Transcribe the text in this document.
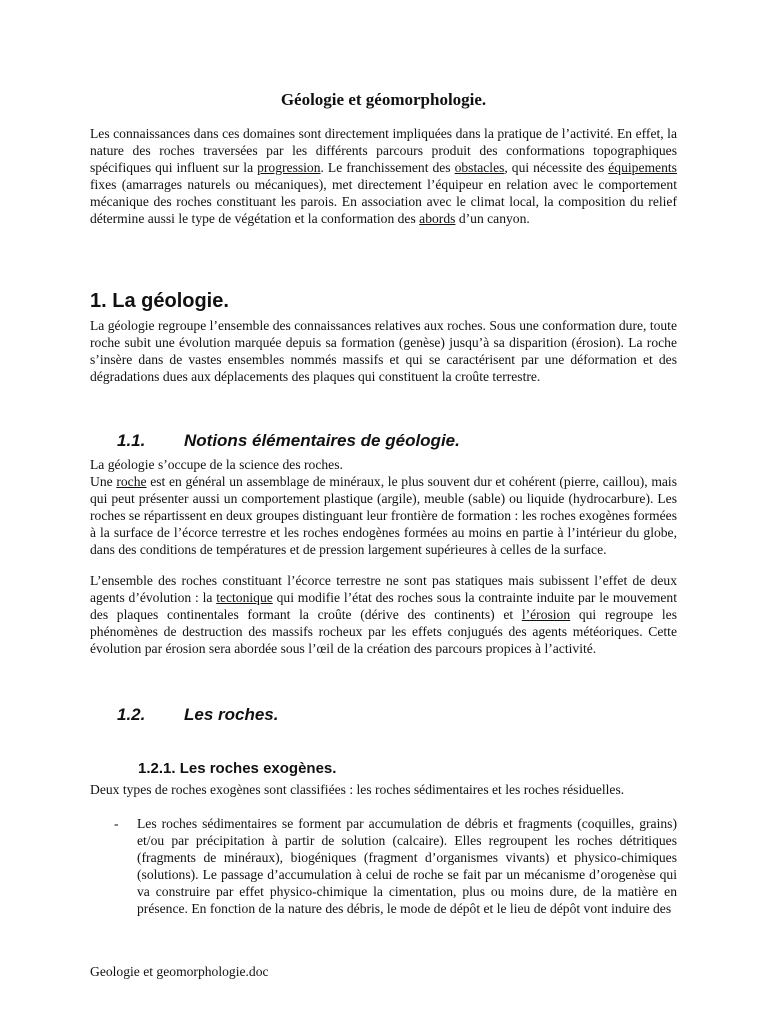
Géologie et géomorphologie.

Les connaissances dans ces domaines sont directement impliquées dans la pratique de l’activité. En effet, la nature des roches traversées par les différents parcours produit des conformations topographiques spécifiques qui influent sur la progression. Le franchissement des obstacles, qui nécessite des équipements fixes (amarrages naturels ou mécaniques), met directement l’équipeur en relation avec le comportement mécanique des roches constituant les parois. En association avec le climat local, la composition du relief détermine aussi le type de végétation et la conformation des abords d’un canyon.

1. La géologie.

La géologie regroupe l’ensemble des connaissances relatives aux roches. Sous une conformation dure, toute roche subit une évolution marquée depuis sa formation (genèse) jusqu’à sa disparition (érosion). La roche s’insère dans de vastes ensembles nommés massifs et qui se caractérisent par une déformation et des dégradations dues aux déplacements des plaques qui constituent la croûte terrestre.

1.1. Notions élémentaires de géologie.

La géologie s’occupe de la science des roches.

Une roche est en général un assemblage de minéraux, le plus souvent dur et cohérent (pierre, caillou), mais qui peut présenter aussi un comportement plastique (argile), meuble (sable) ou liquide (hydrocarbure). Les roches se répartissent en deux groupes distinguant leur frontière de formation : les roches exogènes formées à la surface de l’écorce terrestre et les roches endogènes formées au moins en partie à l’intérieur du globe, dans des conditions de températures et de pression largement supérieures à celles de la surface.

L’ensemble des roches constituant l’écorce terrestre ne sont pas statiques mais subissent l’effet de deux agents d’évolution : la tectonique qui modifie l’état des roches sous la contrainte induite par le mouvement des plaques continentales formant la croûte (dérive des continents) et l’érosion qui regroupe les phénomènes de destruction des massifs rocheux par les effets conjugués des agents météoriques. Cette évolution par érosion sera abordée sous l’œil de la création des parcours propices à l’activité.

1.2. Les roches.
1.2.1. Les roches exogènes.

Deux types de roches exogènes sont classifiées : les roches sédimentaires et les roches résiduelles.

- Les roches sédimentaires se forment par accumulation de débris et fragments (coquilles, grains) et/ou par précipitation à partir de solution (calcaire). Elles regroupent les roches détritiques (fragments de minéraux), biogéniques (fragment d’organismes vivants) et physico-chimiques (solutions). Le passage d’accumulation à celui de roche se fait par un mécanisme d’orogenèse qui va construire par effet physico-chimique la cimentation, plus ou moins dure, de la matière en présence. En fonction de la nature des débris, le mode de dépôt et le lieu de dépôt vont induire des
Geologie et geomorphologie.doc
